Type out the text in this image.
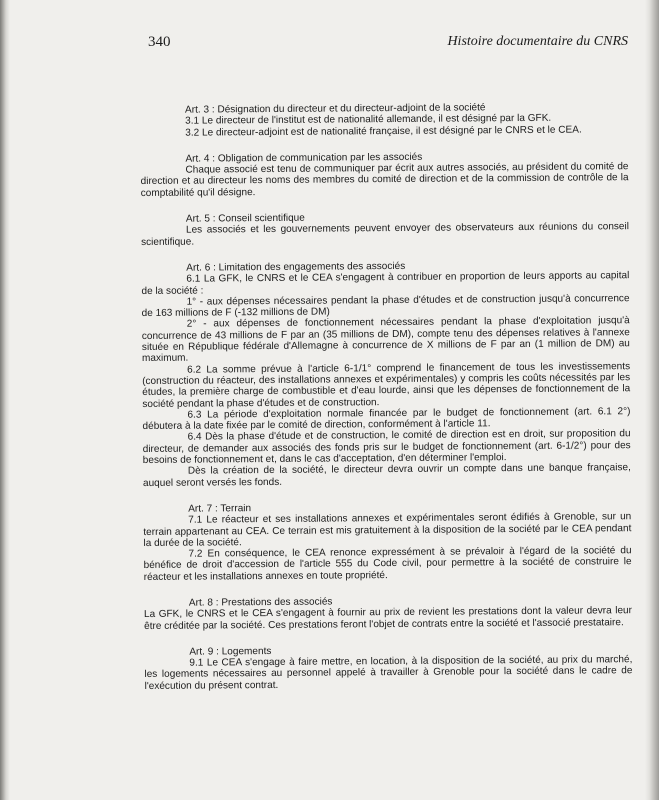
340	Histoire documentaire du CNRS

Art. 3 : Désignation du directeur et du directeur-adjoint de la société

3.1 Le directeur de l'institut est de nationalité allemande, il est désigné par la GFK.

3.2 Le directeur-adjoint est de nationalité française, il est désigné par le CNRS et le CEA.

Art. 4 : Obligation de communication par les associés

Chaque associé est tenu de communiquer par écrit aux autres associés, au président du comité de direction et au directeur les noms des membres du comité de direction et de la commission de contrôle de la comptabilité qu'il désigne.

Art. 5 : Conseil scientifique

Les associés et les gouvernements peuvent envoyer des observateurs aux réunions du conseil scientifique.

Art. 6 : Limitation des engagements des associés

6.1 La GFK, le CNRS et le CEA s'engagent à contribuer en proportion de leurs apports au capital de la société :

1° - aux dépenses nécessaires pendant la phase d'études et de construction jusqu'à concurrence de 163 millions de F (-132 millions de DM)

2° - aux dépenses de fonctionnement nécessaires pendant la phase d'exploitation jusqu'à concurrence de 43 millions de F par an (35 millions de DM), compte tenu des dépenses relatives à l'annexe située en République fédérale d'Allemagne à concurrence de X millions de F par an (1 million de DM) au maximum.

6.2 La somme prévue à l'article 6-1/1° comprend le financement de tous les investissements (construction du réacteur, des installations annexes et expérimentales) y compris les coûts nécessités par les études, la première charge de combustible et d'eau lourde, ainsi que les dépenses de fonctionnement de la société pendant la phase d'études et de construction.

6.3 La période d'exploitation normale financée par le budget de fonctionnement (art. 6.1 2°) débutera à la date fixée par le comité de direction, conformément à l'article 11.

6.4 Dès la phase d'étude et de construction, le comité de direction est en droit, sur proposition du directeur, de demander aux associés des fonds pris sur le budget de fonctionnement (art. 6-1/2°) pour des besoins de fonctionnement et, dans le cas d'acceptation, d'en déterminer l'emploi.

Dès la création de la société, le directeur devra ouvrir un compte dans une banque française, auquel seront versés les fonds.

Art. 7 : Terrain

7.1 Le réacteur et ses installations annexes et expérimentales seront édifiés à Grenoble, sur un terrain appartenant au CEA. Ce terrain est mis gratuitement à la disposition de la société par le CEA pendant la durée de la société.

7.2 En conséquence, le CEA renonce expressément à se prévaloir à l'égard de la société du bénéfice de droit d'accession de l'article 555 du Code civil, pour permettre à la société de construire le réacteur et les installations annexes en toute propriété.

Art. 8 : Prestations des associés

La GFK, le CNRS et le CEA s'engagent à fournir au prix de revient les prestations dont la valeur devra leur être créditée par la société. Ces prestations feront l'objet de contrats entre la société et l'associé prestataire.

Art. 9 : Logements

9.1 Le CEA s'engage à faire mettre, en location, à la disposition de la société, au prix du marché, les logements nécessaires au personnel appelé à travailler à Grenoble pour la société dans le cadre de l'exécution du présent contrat.
